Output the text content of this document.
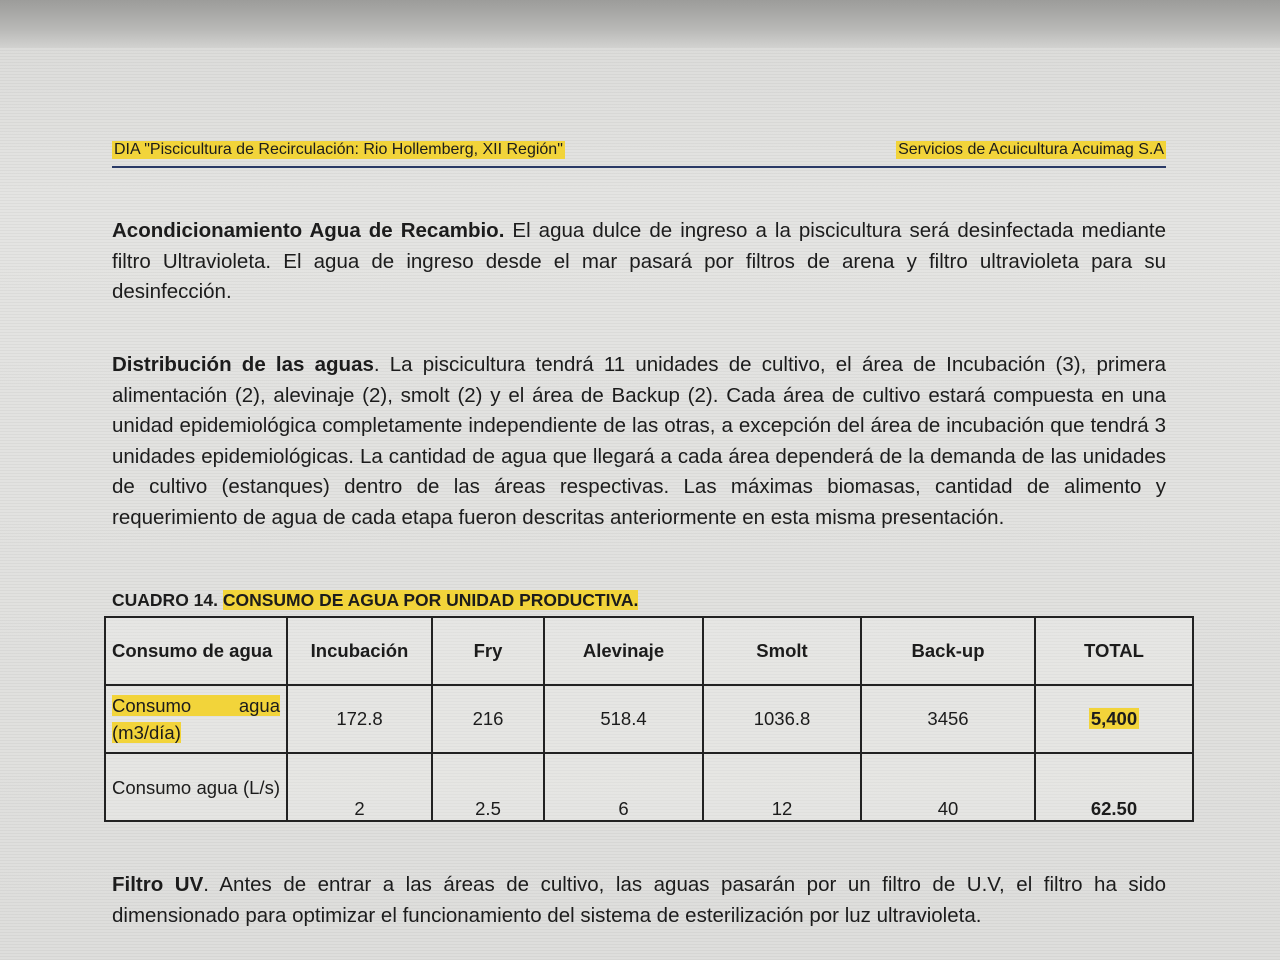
DIA "Piscicultura de Recirculación: Rio Hollemberg, XII Región"	Servicios de Acuicultura Acuimag S.A

Acondicionamiento Agua de Recambio. El agua dulce de ingreso a la piscicultura será desinfectada mediante filtro Ultravioleta. El agua de ingreso desde el mar pasará por filtros de arena y filtro ultravioleta para su desinfección.

Distribución de las aguas. La piscicultura tendrá 11 unidades de cultivo, el área de Incubación (3), primera alimentación (2), alevinaje (2), smolt (2) y el área de Backup (2). Cada área de cultivo estará compuesta en una unidad epidemiológica completamente independiente de las otras, a excepción del área de incubación que tendrá 3 unidades epidemiológicas. La cantidad de agua que llegará a cada área dependerá de la demanda de las unidades de cultivo (estanques) dentro de las áreas respectivas. Las máximas biomasas, cantidad de alimento y requerimiento de agua de cada etapa fueron descritas anteriormente en esta misma presentación.

CUADRO 14. CONSUMO DE AGUA POR UNIDAD PRODUCTIVA.
Consumo de agua	Incubación	Fry	Alevinaje	Smolt	Back-up	TOTAL
Consumo agua (m3/día)	172.8	216	518.4	1036.8	3456	5,400
Consumo agua (L/s)	2	2.5	6	12	40	62.50

Filtro UV. Antes de entrar a las áreas de cultivo, las aguas pasarán por un filtro de U.V, el filtro ha sido dimensionado para optimizar el funcionamiento del sistema de esterilización por luz ultravioleta.
